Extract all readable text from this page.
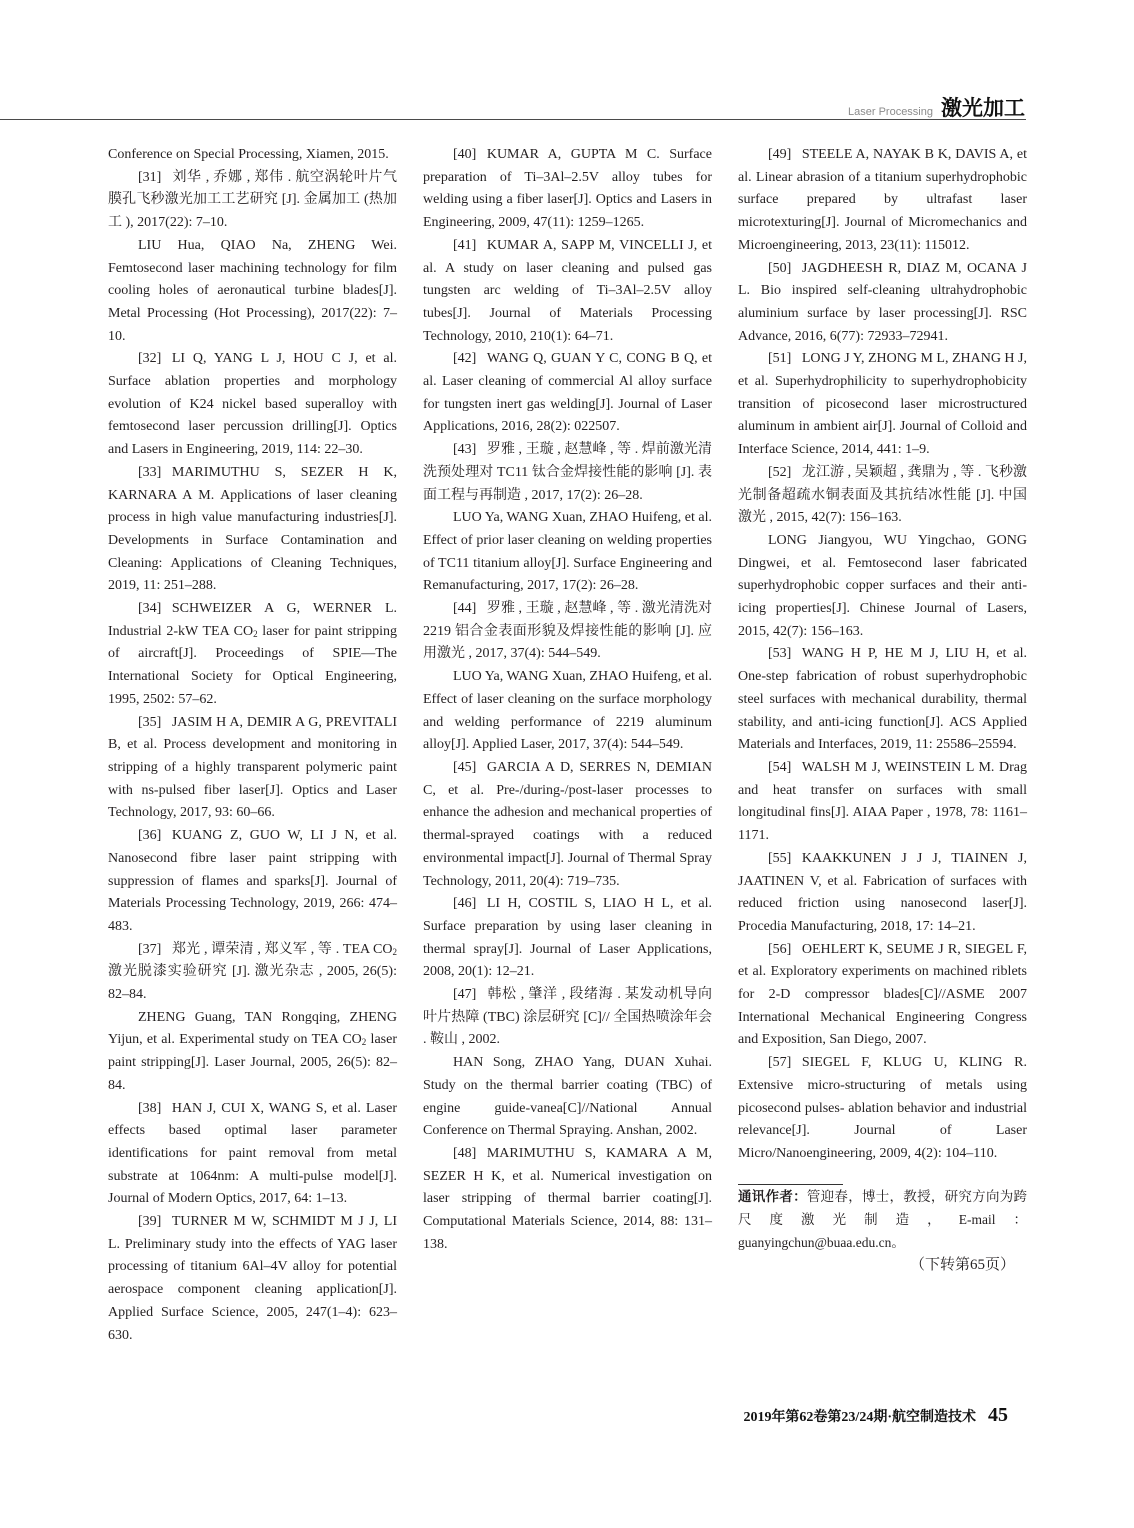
Laser Processing 激光加工

Conference on Special Processing, Xiamen, 2015.

[31] 刘华 , 乔娜 , 郑伟 . 航空涡轮叶片气膜孔飞秒激光加工工艺研究 [J]. 金属加工 (热加工 ), 2017(22): 7–10.

LIU Hua, QIAO Na, ZHENG Wei. Femtosecond laser machining technology for film cooling holes of aeronautical turbine blades[J]. Metal Processing (Hot Processing), 2017(22): 7–10.

[32] LI Q, YANG L J, HOU C J, et al. Surface ablation properties and morphology evolution of K24 nickel based superalloy with femtosecond laser percussion drilling[J]. Optics and Lasers in Engineering, 2019, 114: 22–30.

[33] MARIMUTHU S, SEZER H K, KARNARA A M. Applications of laser cleaning process in high value manufacturing industries[J]. Developments in Surface Contamination and Cleaning: Applications of Cleaning Techniques, 2019, 11: 251–288.

[34] SCHWEIZER A G, WERNER L. Industrial 2-kW TEA $CO_2$ laser for paint stripping of aircraft[J]. Proceedings of SPIE—The International Society for Optical Engineering, 1995, 2502: 57–62.

[35] JASIM H A, DEMIR A G, PREVITALI B, et al. Process development and monitoring in stripping of a highly transparent polymeric paint with ns-pulsed fiber laser[J]. Optics and Laser Technology, 2017, 93: 60–66.

[36] KUANG Z, GUO W, LI J N, et al. Nanosecond fibre laser paint stripping with suppression of flames and sparks[J]. Journal of Materials Processing Technology, 2019, 266: 474–483.

[37] 郑光 , 谭荣清 , 郑义军 , 等 . TEA $CO_2$ 激光脱漆实验研究 [J]. 激光杂志 , 2005, 26(5): 82–84.

ZHENG Guang, TAN Rongqing, ZHENG Yijun, et al. Experimental study on TEA $CO_2$ laser paint stripping[J]. Laser Journal, 2005, 26(5): 82–84.

[38] HAN J, CUI X, WANG S, et al. Laser effects based optimal laser parameter identifications for paint removal from metal substrate at 1064nm: A multi-pulse model[J]. Journal of Modern Optics, 2017, 64: 1–13.

[39] TURNER M W, SCHMIDT M J J, LI L. Preliminary study into the effects of YAG laser processing of titanium 6Al–4V alloy for potential aerospace component cleaning application[J]. Applied Surface Science, 2005, 247(1–4): 623–630.

[40] KUMAR A, GUPTA M C. Surface preparation of Ti–3Al–2.5V alloy tubes for welding using a fiber laser[J]. Optics and Lasers in Engineering, 2009, 47(11): 1259–1265.

[41] KUMAR A, SAPP M, VINCELLI J, et al. A study on laser cleaning and pulsed gas tungsten arc welding of Ti–3Al–2.5V alloy tubes[J]. Journal of Materials Processing Technology, 2010, 210(1): 64–71.

[42] WANG Q, GUAN Y C, CONG B Q, et al. Laser cleaning of commercial Al alloy surface for tungsten inert gas welding[J]. Journal of Laser Applications, 2016, 28(2): 022507.

[43] 罗雅 , 王璇 , 赵慧峰 , 等 . 焊前激光清洗预处理对 TC11 钛合金焊接性能的影响 [J]. 表面工程与再制造 , 2017, 17(2): 26–28.

LUO Ya, WANG Xuan, ZHAO Huifeng, et al. Effect of prior laser cleaning on welding properties of TC11 titanium alloy[J]. Surface Engineering and Remanufacturing, 2017, 17(2): 26–28.

[44] 罗雅 , 王璇 , 赵慧峰 , 等 . 激光清洗对 2219 铝合金表面形貌及焊接性能的影响 [J]. 应用激光 , 2017, 37(4): 544–549.

LUO Ya, WANG Xuan, ZHAO Huifeng, et al. Effect of laser cleaning on the surface morphology and welding performance of 2219 aluminum alloy[J]. Applied Laser, 2017, 37(4): 544–549.

[45] GARCIA A D, SERRES N, DEMIAN C, et al. Pre-/during-/post-laser processes to enhance the adhesion and mechanical properties of thermal-sprayed coatings with a reduced environmental impact[J]. Journal of Thermal Spray Technology, 2011, 20(4): 719–735.

[46] LI H, COSTIL S, LIAO H L, et al. Surface preparation by using laser cleaning in thermal spray[J]. Journal of Laser Applications, 2008, 20(1): 12–21.

[47] 韩松 , 肇洋 , 段绪海 . 某发动机导向叶片热障 (TBC) 涂层研究 [C]// 全国热喷涂年会 . 鞍山 , 2002.

HAN Song, ZHAO Yang, DUAN Xuhai. Study on the thermal barrier coating (TBC) of engine guide-vanea[C]//National Annual Conference on Thermal Spraying. Anshan, 2002.

[48] MARIMUTHU S, KAMARA A M, SEZER H K, et al. Numerical investigation on laser stripping of thermal barrier coating[J]. Computational Materials Science, 2014, 88: 131–138.

[49] STEELE A, NAYAK B K, DAVIS A, et al. Linear abrasion of a titanium superhydrophobic surface prepared by ultrafast laser microtexturing[J]. Journal of Micromechanics and Microengineering, 2013, 23(11): 115012.

[50] JAGDHEESH R, DIAZ M, OCANA J L. Bio inspired self-cleaning ultrahydrophobic aluminium surface by laser processing[J]. RSC Advance, 2016, 6(77): 72933–72941.

[51] LONG J Y, ZHONG M L, ZHANG H J, et al. Superhydrophilicity to superhydrophobicity transition of picosecond laser microstructured aluminum in ambient air[J]. Journal of Colloid and Interface Science, 2014, 441: 1–9.

[52] 龙江游 , 吴颖超 , 龚鼎为 , 等 . 飞秒激光制备超疏水铜表面及其抗结冰性能 [J]. 中国激光 , 2015, 42(7): 156–163.

LONG Jiangyou, WU Yingchao, GONG Dingwei, et al. Femtosecond laser fabricated superhydrophobic copper surfaces and their anti-icing properties[J]. Chinese Journal of Lasers, 2015, 42(7): 156–163.

[53] WANG H P, HE M J, LIU H, et al. One-step fabrication of robust superhydrophobic steel surfaces with mechanical durability, thermal stability, and anti-icing function[J]. ACS Applied Materials and Interfaces, 2019, 11: 25586–25594.

[54] WALSH M J, WEINSTEIN L M. Drag and heat transfer on surfaces with small longitudinal fins[J]. AIAA Paper , 1978, 78: 1161–1171.

[55] KAAKKUNEN J J J, TIAINEN J, JAATINEN V, et al. Fabrication of surfaces with reduced friction using nanosecond laser[J]. Procedia Manufacturing, 2018, 17: 14–21.

[56] OEHLERT K, SEUME J R, SIEGEL F, et al. Exploratory experiments on machined riblets for 2-D compressor blades[C]//ASME 2007 International Mechanical Engineering Congress and Exposition, San Diego, 2007.

[57] SIEGEL F, KLUG U, KLING R. Extensive micro-structuring of metals using picosecond pulses- ablation behavior and industrial relevance[J]. Journal of Laser Micro/Nanoengineering, 2009, 4(2): 104–110.

通讯作者：管迎春，博士，教授，研究方向为跨尺度激光制造，E-mail：guanyingchun@buaa.edu.cn。

（下转第65页）

2019年第62卷第23/24期·航空制造技术 45
